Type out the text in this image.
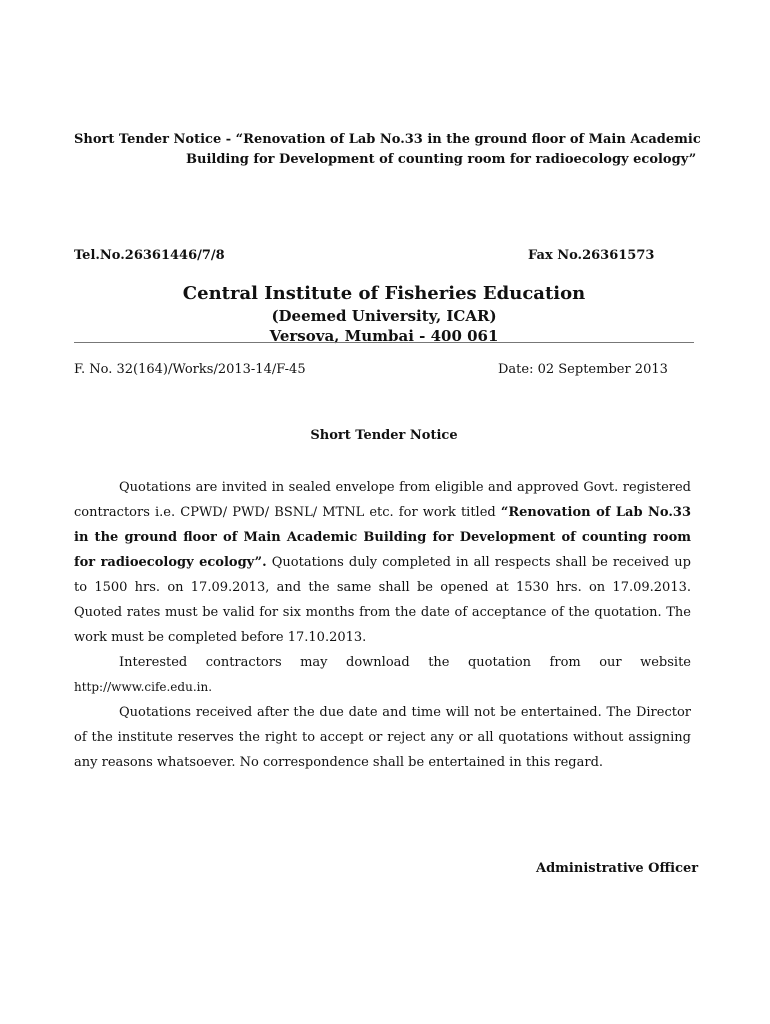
Short Tender Notice - “Renovation of Lab No.33 in the ground floor of Main Academic
Building for Development of counting room for radioecology ecology”
Tel.No.26361446/7/8	Fax No.26361573
Central Institute of Fisheries Education
(Deemed University, ICAR)
Versova, Mumbai - 400 061
F. No. 32(164)/Works/2013-14/F-45	Date: 02 September 2013
Short Tender Notice

Quotations are invited in sealed envelope from eligible and approved Govt. registered contractors i.e. CPWD/ PWD/ BSNL/ MTNL etc. for work titled “Renovation of Lab No.33 in the ground floor of Main Academic Building for Development of counting room for radioecology ecology”. Quotations duly completed in all respects shall be received up to 1500 hrs. on 17.09.2013, and the same shall be opened at 1530 hrs. on 17.09.2013. Quoted rates must be valid for six months from the date of acceptance of the quotation. The work must be completed before 17.10.2013.

Interested contractors may download the quotation from our website

http://www.cife.edu.in.

Quotations received after the due date and time will not be entertained. The Director of the institute reserves the right to accept or reject any or all quotations without assigning any reasons whatsoever. No correspondence shall be entertained in this regard.

Administrative Officer
